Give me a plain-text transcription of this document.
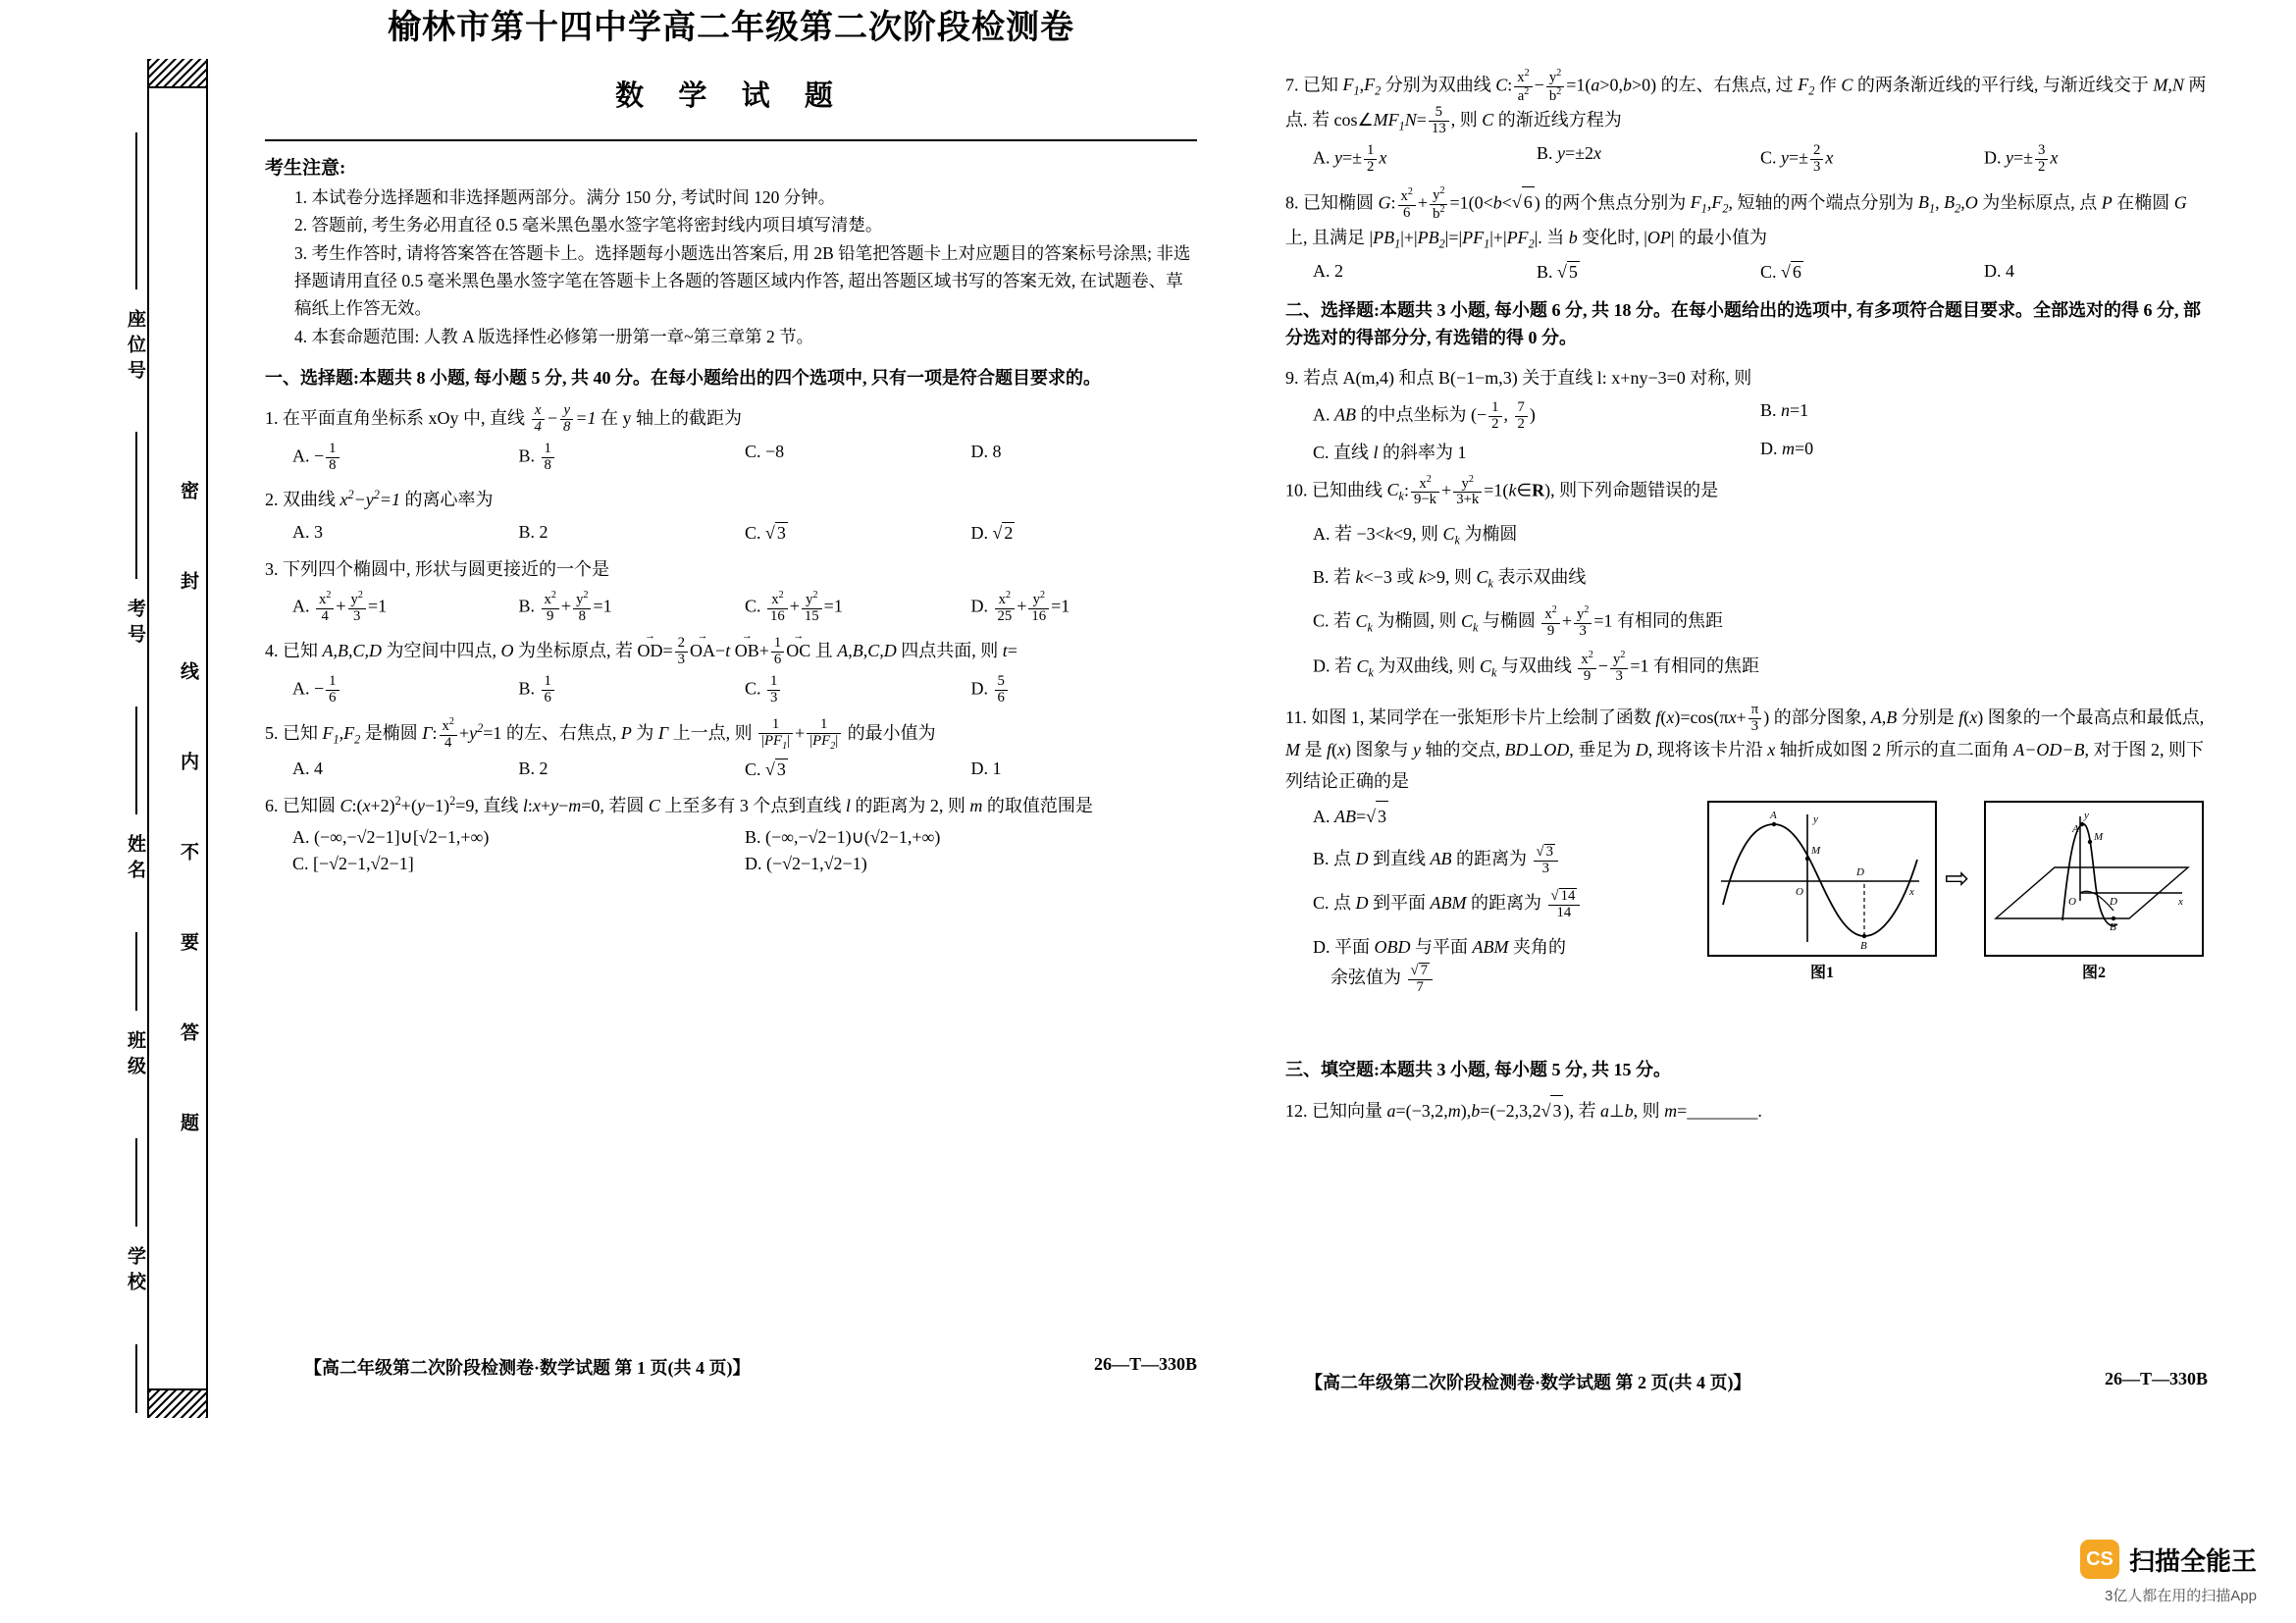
座位号
考号
姓名
班级
学校
密 封 线 内 不 要 答 题
榆林市第十四中学高二年级第二次阶段检测卷
数 学 试 题
考生注意:
1. 本试卷分选择题和非选择题两部分。满分 150 分, 考试时间 120 分钟。
2. 答题前, 考生务必用直径 0.5 毫米黑色墨水签字笔将密封线内项目填写清楚。
3. 考生作答时, 请将答案答在答题卡上。选择题每小题选出答案后, 用 2B 铅笔把答题卡上对应题目的答案标号涂黑; 非选择题请用直径 0.5 毫米黑色墨水签字笔在答题卡上各题的答题区域内作答, 超出答题区域书写的答案无效, 在试题卷、草稿纸上作答无效。
4. 本套命题范围: 人教 A 版选择性必修第一册第一章~第三章第 2 节。
一、选择题:本题共 8 小题, 每小题 5 分, 共 40 分。在每小题给出的四个选项中, 只有一项是符合题目要求的。
1. 在平面直角坐标系 xOy 中, 直线 $\frac{x}{4} - \frac{y}{8} =1$ 在 y 轴上的截距为
A. − $\frac{1}{8}$	B. $\frac{1}{8}$	C. −8	D. 8
2. 双曲线 $x^2-y^2=1$ 的离心率为
A. 3	B. 2	C. √ 3	D. √ 2
3. 下列四个椭圆中, 形状与圆更接近的一个是
A. $\frac{x^2}{4} + \frac{y^2}{3} =1$	B. $\frac{x^2}{9} + \frac{y^2}{8} =1$	C. $\frac{x^2}{16} + \frac{y^2}{15} =1$	D. $\frac{x^2}{25} + \frac{y^2}{16} =1$
4. 已知 A,B,C,D 为空间中四点, O 为坐标原点, 若 OD →= $\frac{2}{3}$ OA →−t OB →+ $\frac{1}{6}$ OC → 且 A,B,C,D 四点共面, 则 t=
A. − $\frac{1}{6}$	B. $\frac{1}{6}$	C. $\frac{1}{3}$	D. $\frac{5}{6}$
5. 已知 $F_1,F_2$ 是椭圆 Γ: $\frac{x^2}{4} +y^2=1$ 的左、右焦点, P 为 Γ 上一点, 则 $\frac{1}{|PF_1|} + \frac{1}{|PF_2|}$ 的最小值为
A. 4	B. 2	C. √ 3	D. 1
6. 已知圆 $C:(x+2)^2+(y-1)^2=9$, 直线 l:x+y−m=0, 若圆 C 上至多有 3 个点到直线 l 的距离为 2, 则 m 的取值范围是
A. (−∞,−√2−1]∪[√2−1,+∞)	B. (−∞,−√2−1)∪(√2−1,+∞)
C. [−√2−1,√2−1]	D. (−√2−1,√2−1)
【高二年级第二次阶段检测卷·数学试题 第 1 页(共 4 页)】	26—T—330B
7. 已知 $F_1,F_2$ 分别为双曲线 C: $\frac{x^2}{a^2} - \frac{y^2}{b^2} =1(a>0,b>0)$ 的左、右焦点, 过 $F_2$ 作 C 的两条渐近线的平行线, 与渐近线交于 M,N 两点. 若 $\cos\angle MF_1N= \frac{5}{13}$ , 则 C 的渐近线方程为
A. $y=\pm \frac{1}{2}$ x	B. y=±2x	C. $y=\pm \frac{2}{3}$ x	D. $y=\pm \frac{3}{2}$ x
8. 已知椭圆 G: $\frac{x^2}{6} + \frac{y^2}{b^2} =1(0<b<$ √ 6 ) 的两个焦点分别为 $F_1,F_2$, 短轴的两个端点分别为 $B_1$, $B_2,O$ 为坐标原点, 点 P 在椭圆 G 上, 且满足 $|PB_1|+|PB_2|=|PF_1|+|PF_2|$. 当 b 变化时, |OP| 的最小值为
A. 2	B. √ 5	C. √ 6	D. 4
二、选择题:本题共 3 小题, 每小题 6 分, 共 18 分。在每小题给出的选项中, 有多项符合题目要求。全部选对的得 6 分, 部分选对的得部分分, 有选错的得 0 分。
9. 若点 A(m,4) 和点 B(−1−m,3) 关于直线 l: x+ny−3=0 对称, 则
A. AB 的中点坐标为 (− $\frac{1}{2}$ , $\frac{7}{2}$ )	B. n=1
C. 直线 l 的斜率为 1	D. m=0
10. 已知曲线 $C_k$: $\frac{x^2}{9-k} + \frac{y^2}{3+k}$ =1(k∈R), 则下列命题错误的是
A. 若 −3<k<9, 则 $C_k$ 为椭圆
B. 若 k<−3 或 k>9, 则 $C_k$ 表示双曲线
C. 若 $C_k$ 为椭圆, 则 $C_k$ 与椭圆 $\frac{x^2}{9} + \frac{y^2}{3} =1$ 有相同的焦距
D. 若 $C_k$ 为双曲线, 则 $C_k$ 与双曲线 $\frac{x^2}{9} - \frac{y^2}{3} =1$ 有相同的焦距
11. 如图 1, 某同学在一张矩形卡片上绘制了函数 $f(x)=\cos(\pi x+ \frac{\pi}{3}$ ) 的部分图象, A,B 分别是 f(x) 图象的一个最高点和最低点, M 是 f(x) 图象与 y 轴的交点, BD⊥OD, 垂足为 D, 现将该卡片沿 x 轴折成如图 2 所示的直二面角 A−OD−B, 对于图 2, 则下列结论正确的是
A. AB= √ 3
B. 点 D 到直线 AB 的距离为 √ $\frac{3}{3}$
C. 点 D 到平面 ABM 的距离为 √ $\frac{14}{14}$
D. 平面 OBD 与平面 ABM 夹角的
余弦值为 √ $\frac{7}{7}$
y
A
M
D
O	x
B
图1
⇨
y
A
M
O	D	x
B
图2
三、填空题:本题共 3 小题, 每小题 5 分, 共 15 分。
12. 已知向量 a=(−3,2,m),b=(−2,3,2 √ 3 ), 若 a⊥b, 则 m=________.
【高二年级第二次阶段检测卷·数学试题 第 2 页(共 4 页)】	26—T—330B
CS 扫描全能王
3亿人都在用的扫描App
